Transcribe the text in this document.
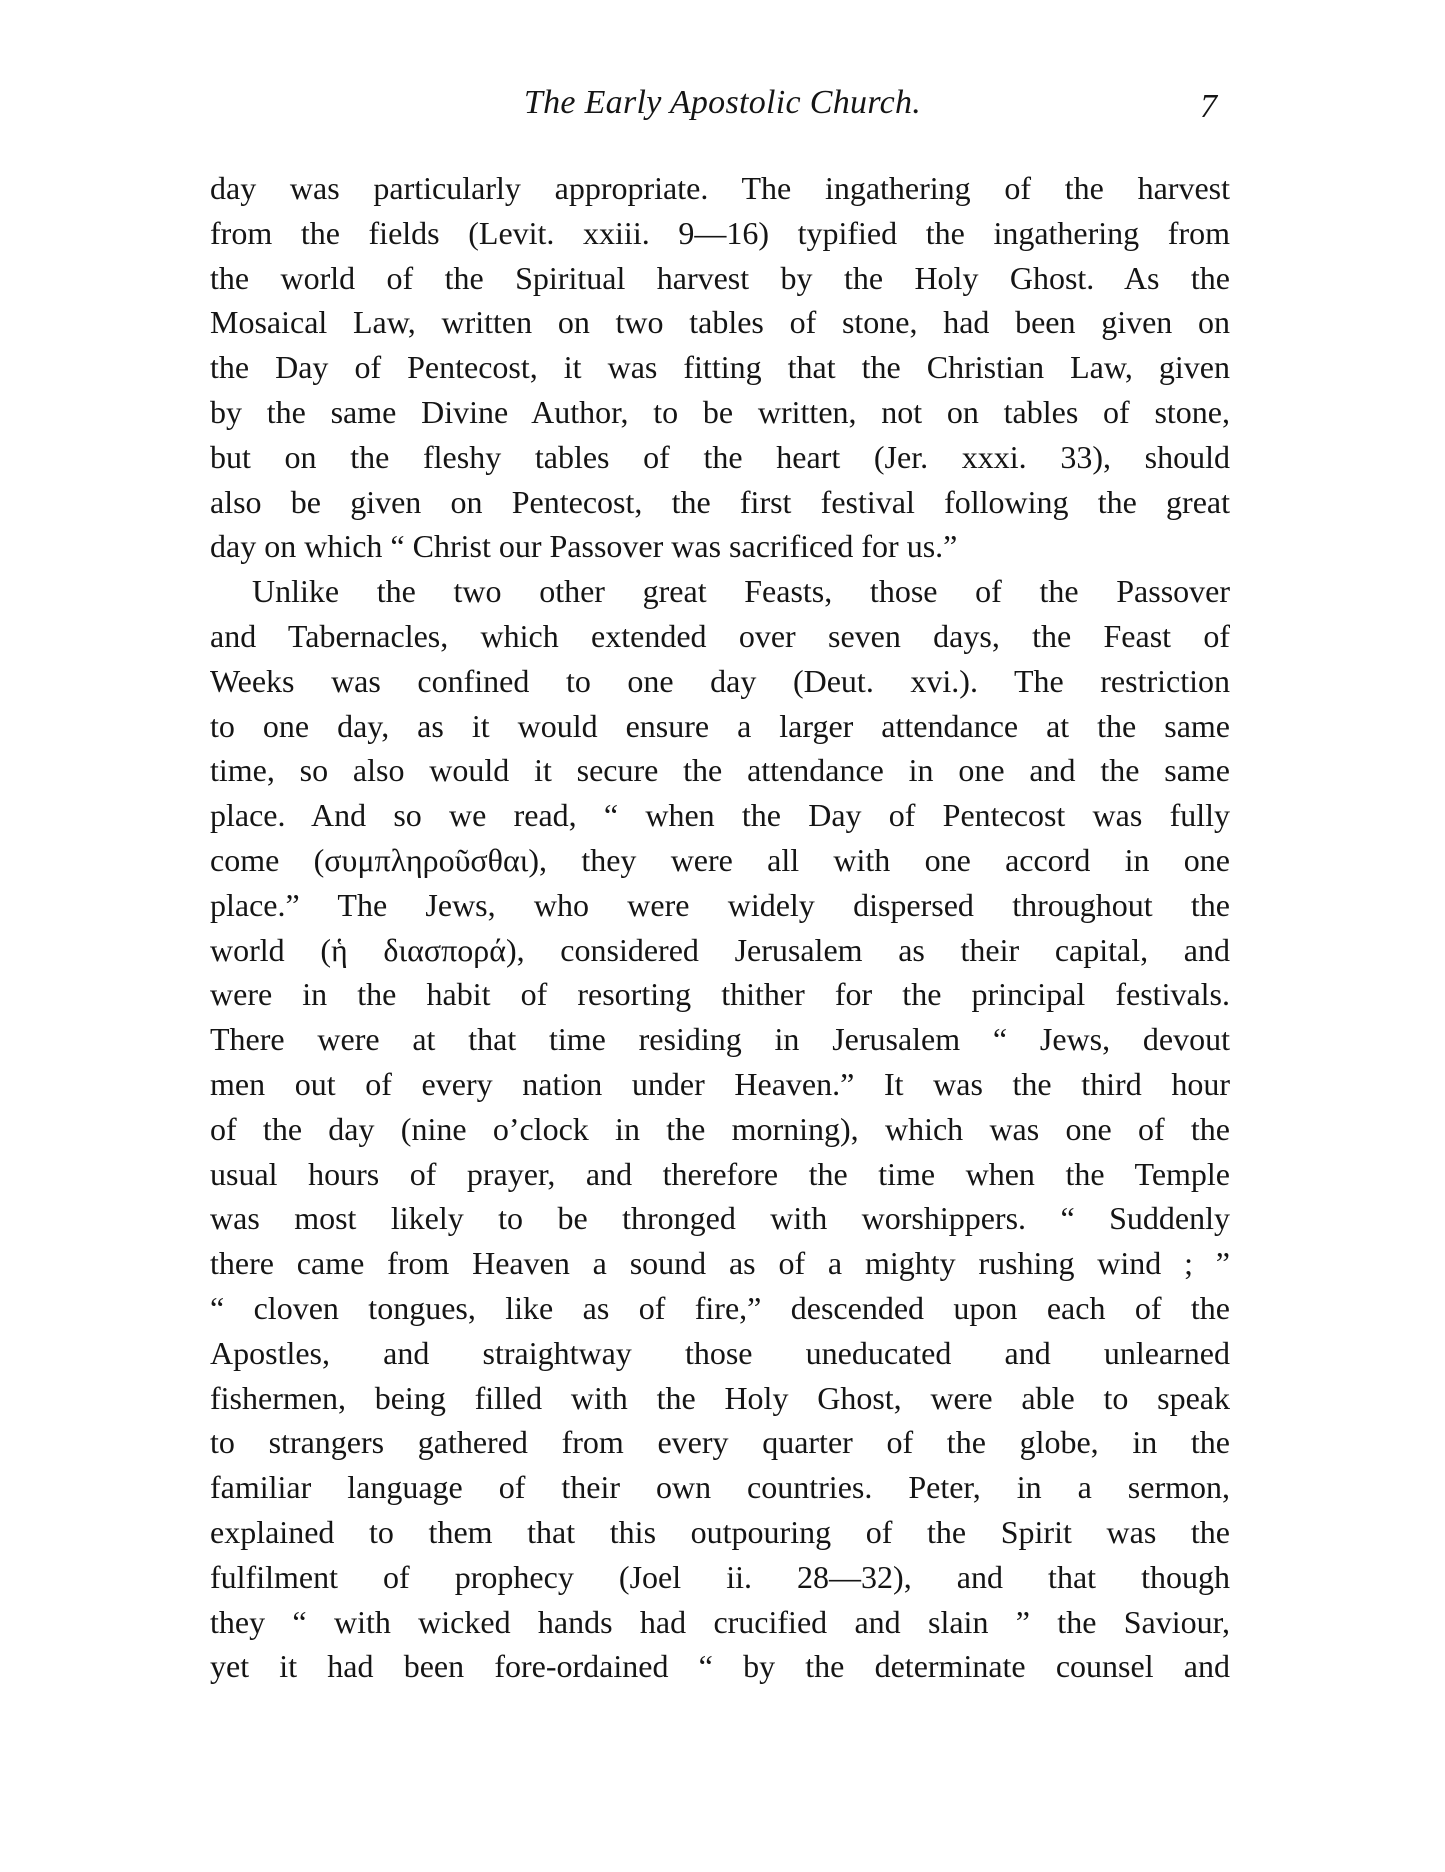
The Early Apostolic Church.	7
day was particularly appropriate. The ingathering of the harvest
from the fields (Levit. xxiii. 9—16) typified the ingathering from
the world of the Spiritual harvest by the Holy Ghost. As the
Mosaical Law, written on two tables of stone, had been given on
the Day of Pentecost, it was fitting that the Christian Law, given
by the same Divine Author, to be written, not on tables of stone,
but on the fleshy tables of the heart (Jer. xxxi. 33), should
also be given on Pentecost, the first festival following the great
day on which “ Christ our Passover was sacrificed for us.”
Unlike the two other great Feasts, those of the Passover
and Tabernacles, which extended over seven days, the Feast of
Weeks was confined to one day (Deut. xvi.). The restriction
to one day, as it would ensure a larger attendance at the same
time, so also would it secure the attendance in one and the same
place. And so we read, “ when the Day of Pentecost was fully
come (συμπληροῦσθαι), they were all with one accord in one
place.” The Jews, who were widely dispersed throughout the
world (ἡ διασπορά), considered Jerusalem as their capital, and
were in the habit of resorting thither for the principal festivals.
There were at that time residing in Jerusalem “ Jews, devout
men out of every nation under Heaven.” It was the third hour
of the day (nine o’clock in the morning), which was one of the
usual hours of prayer, and therefore the time when the Temple
was most likely to be thronged with worshippers. “ Suddenly
there came from Heaven a sound as of a mighty rushing wind ; ”
“ cloven tongues, like as of fire,” descended upon each of the
Apostles, and straightway those uneducated and unlearned
fishermen, being filled with the Holy Ghost, were able to speak
to strangers gathered from every quarter of the globe, in the
familiar language of their own countries. Peter, in a sermon,
explained to them that this outpouring of the Spirit was the
fulfilment of prophecy (Joel ii. 28—32), and that though
they “ with wicked hands had crucified and slain ” the Saviour,
yet it had been fore-ordained “ by the determinate counsel and
